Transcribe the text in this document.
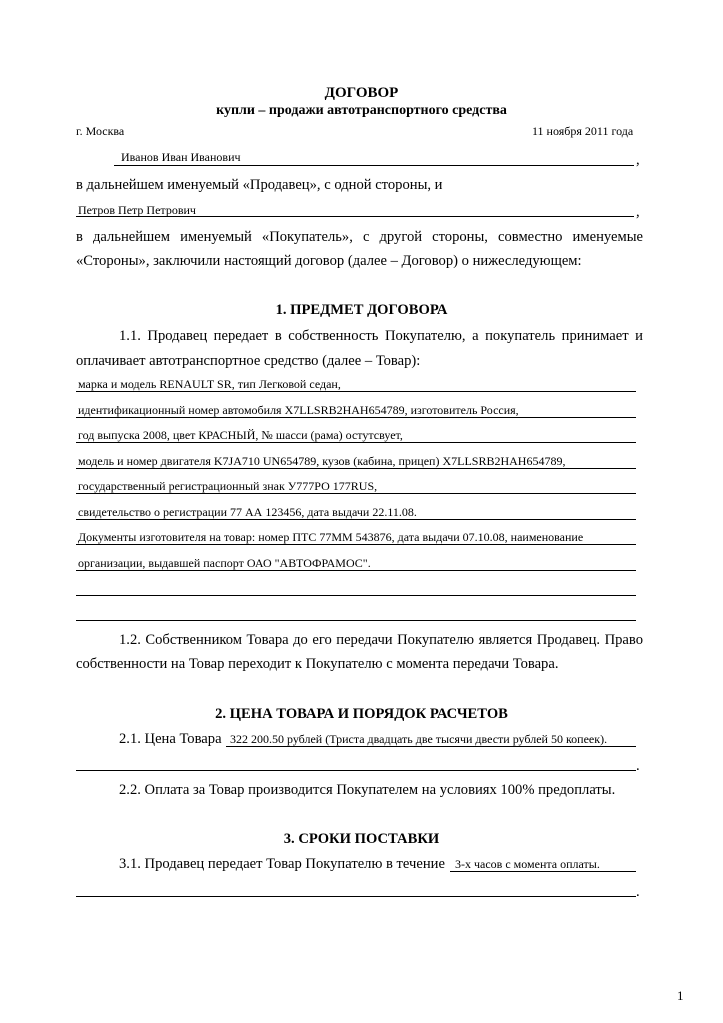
ДОГОВОР
купли – продажи автотранспортного средства
г. Москва	11 ноября 2011 года
Иванов Иван Иванович	,
в дальнейшем именуемый «Продавец», с одной стороны, и
Петров Петр Петрович	,
в дальнейшем именуемый «Покупатель», с другой стороны, совместно именуемые
«Стороны», заключили настоящий договор (далее – Договор) о нижеследующем:
1. ПРЕДМЕТ ДОГОВОРА
1.1. Продавец передает в собственность Покупателю, а покупатель принимает и
оплачивает автотранспортное средство (далее – Товар):
марка и модель RENAULT SR, тип Легковой седан,
идентификационный номер автомобиля X7LLSRB2HAH654789, изготовитель Россия,
год выпуска 2008, цвет КРАСНЫЙ, № шасси (рама) остутсвует,
модель и номер двигателя K7JA710 UN654789, кузов (кабина, прицеп) X7LLSRB2HAH654789,
государственный регистрационный знак У777РО 177RUS,
свидетельство о регистрации 77 АА 123456, дата выдачи 22.11.08.
Документы изготовителя на товар: номер ПТС 77ММ 543876, дата выдачи 07.10.08, наименование
организации, выдавшей паспорт ОАО "АВТОФРАМОС".
1.2. Собственником Товара до его передачи Покупателю является Продавец. Право
собственности на Товар переходит к Покупателю с момента передачи Товара.
2. ЦЕНА ТОВАРА И ПОРЯДОК РАСЧЕТОВ
2.1. Цена Товара 322 200.50 рублей (Триста двадцать две тысячи двести рублей 50 копеек).
.
2.2. Оплата за Товар производится Покупателем на условиях 100% предоплаты.
3. СРОКИ ПОСТАВКИ
3.1. Продавец передает Товар Покупателю в течение 3-х часов с момента оплаты.
.
1
